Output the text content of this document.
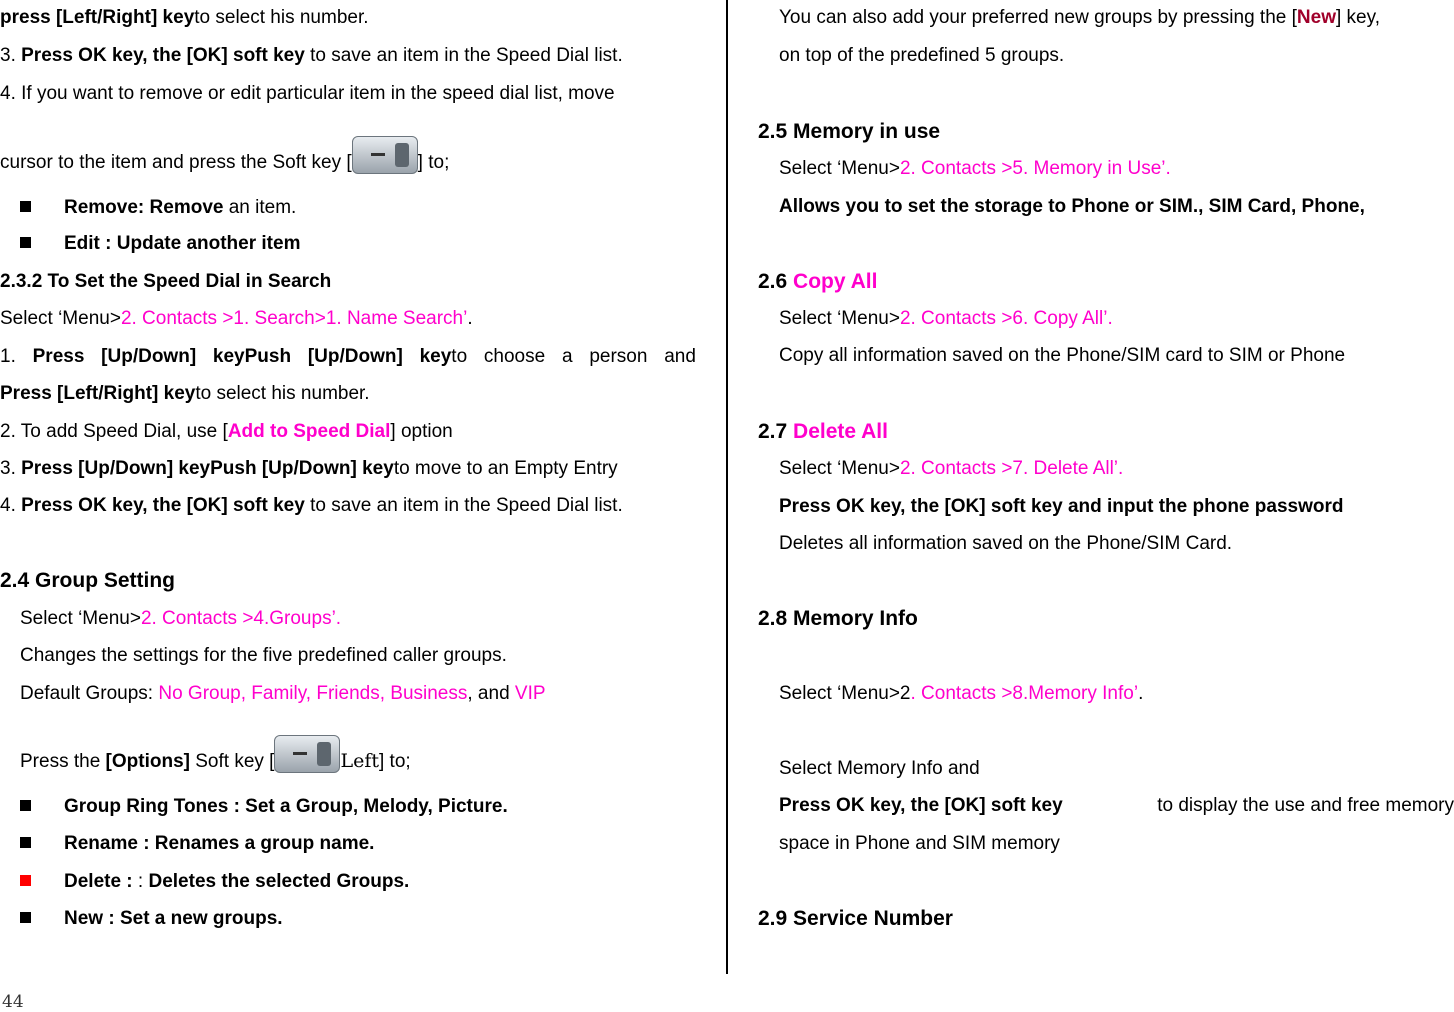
press [Left/Right] keyto select his number.
3. Press OK key, the [OK] soft key to save an item in the Speed Dial list.
4. If you want to remove or edit particular item in the speed dial list, move
cursor to the item and press the Soft key [	] to;
Remove: Remove an item.
Edit : Update another item
2.3.2 To Set the Speed Dial in Search
Select ‘Menu>2. Contacts >1. Search>1. Name Search’.
1. Press [Up/Down] keyPush [Up/Down] keyto choose a person and
Press [Left/Right] keyto select his number.
2. To add Speed Dial, use [Add to Speed Dial] option
3. Press [Up/Down] keyPush [Up/Down] keyto move to an Empty Entry
4. Press OK key, the [OK] soft key to save an item in the Speed Dial list.
2.4 Group Setting
Select ‘Menu>2. Contacts >4.Groups’.
Changes the settings for the five predefined caller groups.
Default Groups: No Group, Family, Friends, Business, and VIP
Press the [Options] Soft key [	Left] to;
Group Ring Tones : Set a Group, Melody, Picture.
Rename : Renames a group name.
Delete : : Deletes the selected Groups.
New : Set a new groups.
You can also add your preferred new groups by pressing the [New] key,
on top of the predefined 5 groups.
2.5 Memory in use
Select ‘Menu>2. Contacts >5. Memory in Use’.
Allows you to set the storage to Phone or SIM., SIM Card, Phone,
2.6 Copy All
Select ‘Menu>2. Contacts >6. Copy All’.
Copy all information saved on the Phone/SIM card to SIM or Phone
2.7 Delete All
Select ‘Menu>2. Contacts >7. Delete All’.
Press OK key, the [OK] soft key and input the phone password
Deletes all information saved on the Phone/SIM Card.
2.8 Memory Info
Select ‘Menu>2. Contacts >8.Memory Info’.
Select Memory Info and
Press OK key, the [OK] soft key	to display the use and free memory
space in Phone and SIM memory
2.9 Service Number
44
